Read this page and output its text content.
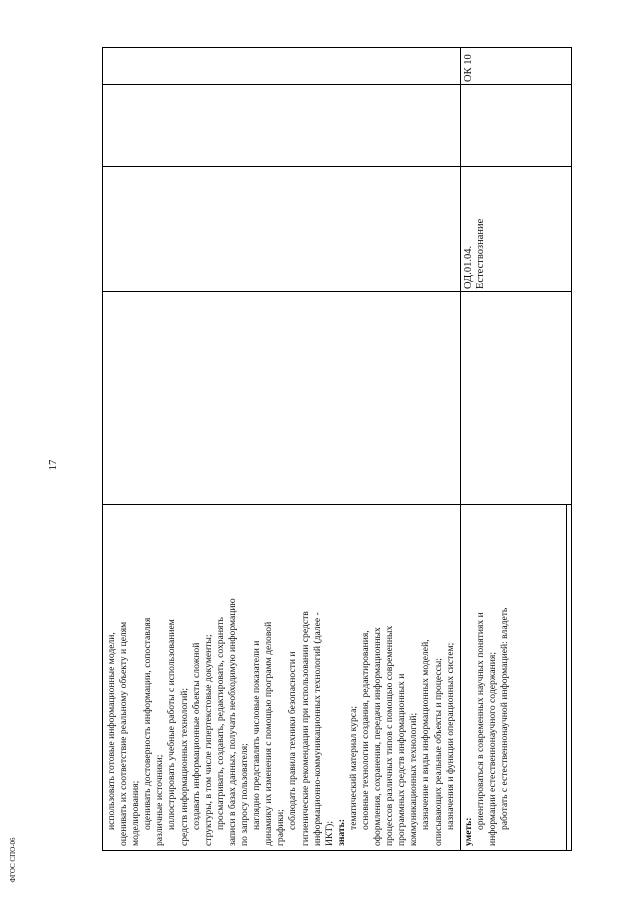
17
использовать готовые информационные модели, оценивать их соответствие реальному объекту и целям моделирования; оценивать достоверность информации, сопоставляя различные источники; иллюстрировать учебные работы с использованием средств информационных технологий; создавать информационные объекты сложной структуры, в том числе гипертекстовые документы; просматривать, создавать, редактировать, сохранять записи в базах данных, получать необходимую информацию по запросу пользователя; наглядно представлять числовые показатели и динамику их изменения с помощью программ деловой графики; соблюдать правила техники безопасности и гигиенические рекомендации при использовании средств информационно-коммуникационных технологий (далее - ИКТ); знать:
тематический материал курса; основные технологии создания, редактирования, оформления, сохранения, передачи информационных процессов различных типов с помощью современных программных средств информационных и коммуникационных технологий; назначение и виды информационных моделей, описывающих реальные объекты и процессы; назначения и функции операционных систем;
уметь:
ориентироваться в современных научных понятиях и информации естественнонаучного содержания; работать с естественнонаучной информацией: владеть
ОД.01.04. Естествознание
ОК 10
ФГОС СПО-06
